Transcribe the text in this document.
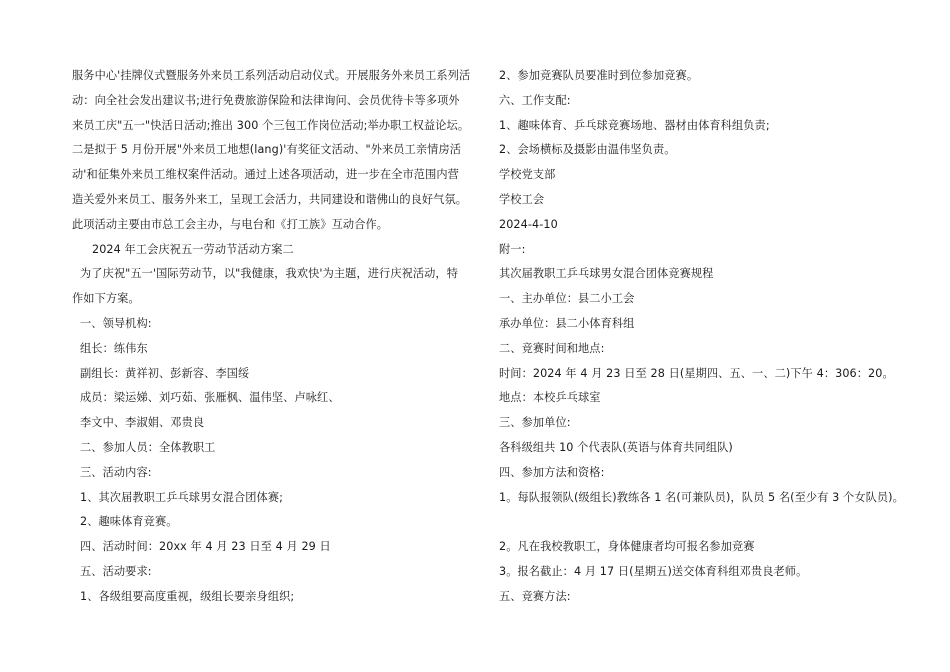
服务中心'挂牌仪式暨服务外来员工系列活动启动仪式。开展服务外来员工系列活
动：向全社会发出建议书;进行免费旅游保险和法律询问、会员优待卡等多项外
来员工庆"五一"快活日活动;推出 300 个三包工作岗位活动;举办职工权益论坛。
二是拟于 5 月份开展"外来员工地想(lang)'有奖征文活动、"外来员工亲情房活
动'和征集外来员工维权案件活动。通过上述各项活动，进一步在全市范围内营
造关爱外来员工、服务外来工，呈现工会活力，共同建设和谐佛山的良好气氛。
此项活动主要由市总工会主办，与电台和《打工族》互动合作。
2024 年工会庆祝五一劳动节活动方案二
为了庆祝"五一'国际劳动节，以"我健康，我欢快'为主题，进行庆祝活动，特
作如下方案。
一、领导机构:
组长：练伟东
副组长：黄祥初、彭新容、李国绥
成员：梁运娣、刘巧茹、张雁枫、温伟坚、卢咏红、
李文中、李淑娟、邓贵良
二、参加人员：全体教职工
三、活动内容:
1、其次届教职工乒乓球男女混合团体赛;
2、趣味体育竞赛。
四、活动时间：20xx 年 4 月 23 日至 4 月 29 日
五、活动要求:
1、各级组要高度重视，级组长要亲身组织;
2、参加竞赛队员要准时到位参加竞赛。
六、工作支配:
1、趣味体育、乒乓球竞赛场地、器材由体育科组负责;
2、会场横标及摄影由温伟坚负责。
学校党支部
学校工会
2024-4-10
附一:
其次届教职工乒乓球男女混合团体竞赛规程
一、主办单位：县二小工会
承办单位：县二小体育科组
二、竞赛时间和地点:
时间：2024 年 4 月 23 日至 28 日(星期四、五、一、二)下午 4：306：20。
地点：本校乒乓球室
三、参加单位:
各科级组共 10 个代表队(英语与体育共同组队)
四、参加方法和资格:
1。每队报领队(级组长)教练各 1 名(可兼队员)，队员 5 名(至少有 3 个女队员)。
2。凡在我校教职工，身体健康者均可报名参加竞赛
3。报名截止：4 月 17 日(星期五)送交体育科组邓贵良老师。
五、竞赛方法:
